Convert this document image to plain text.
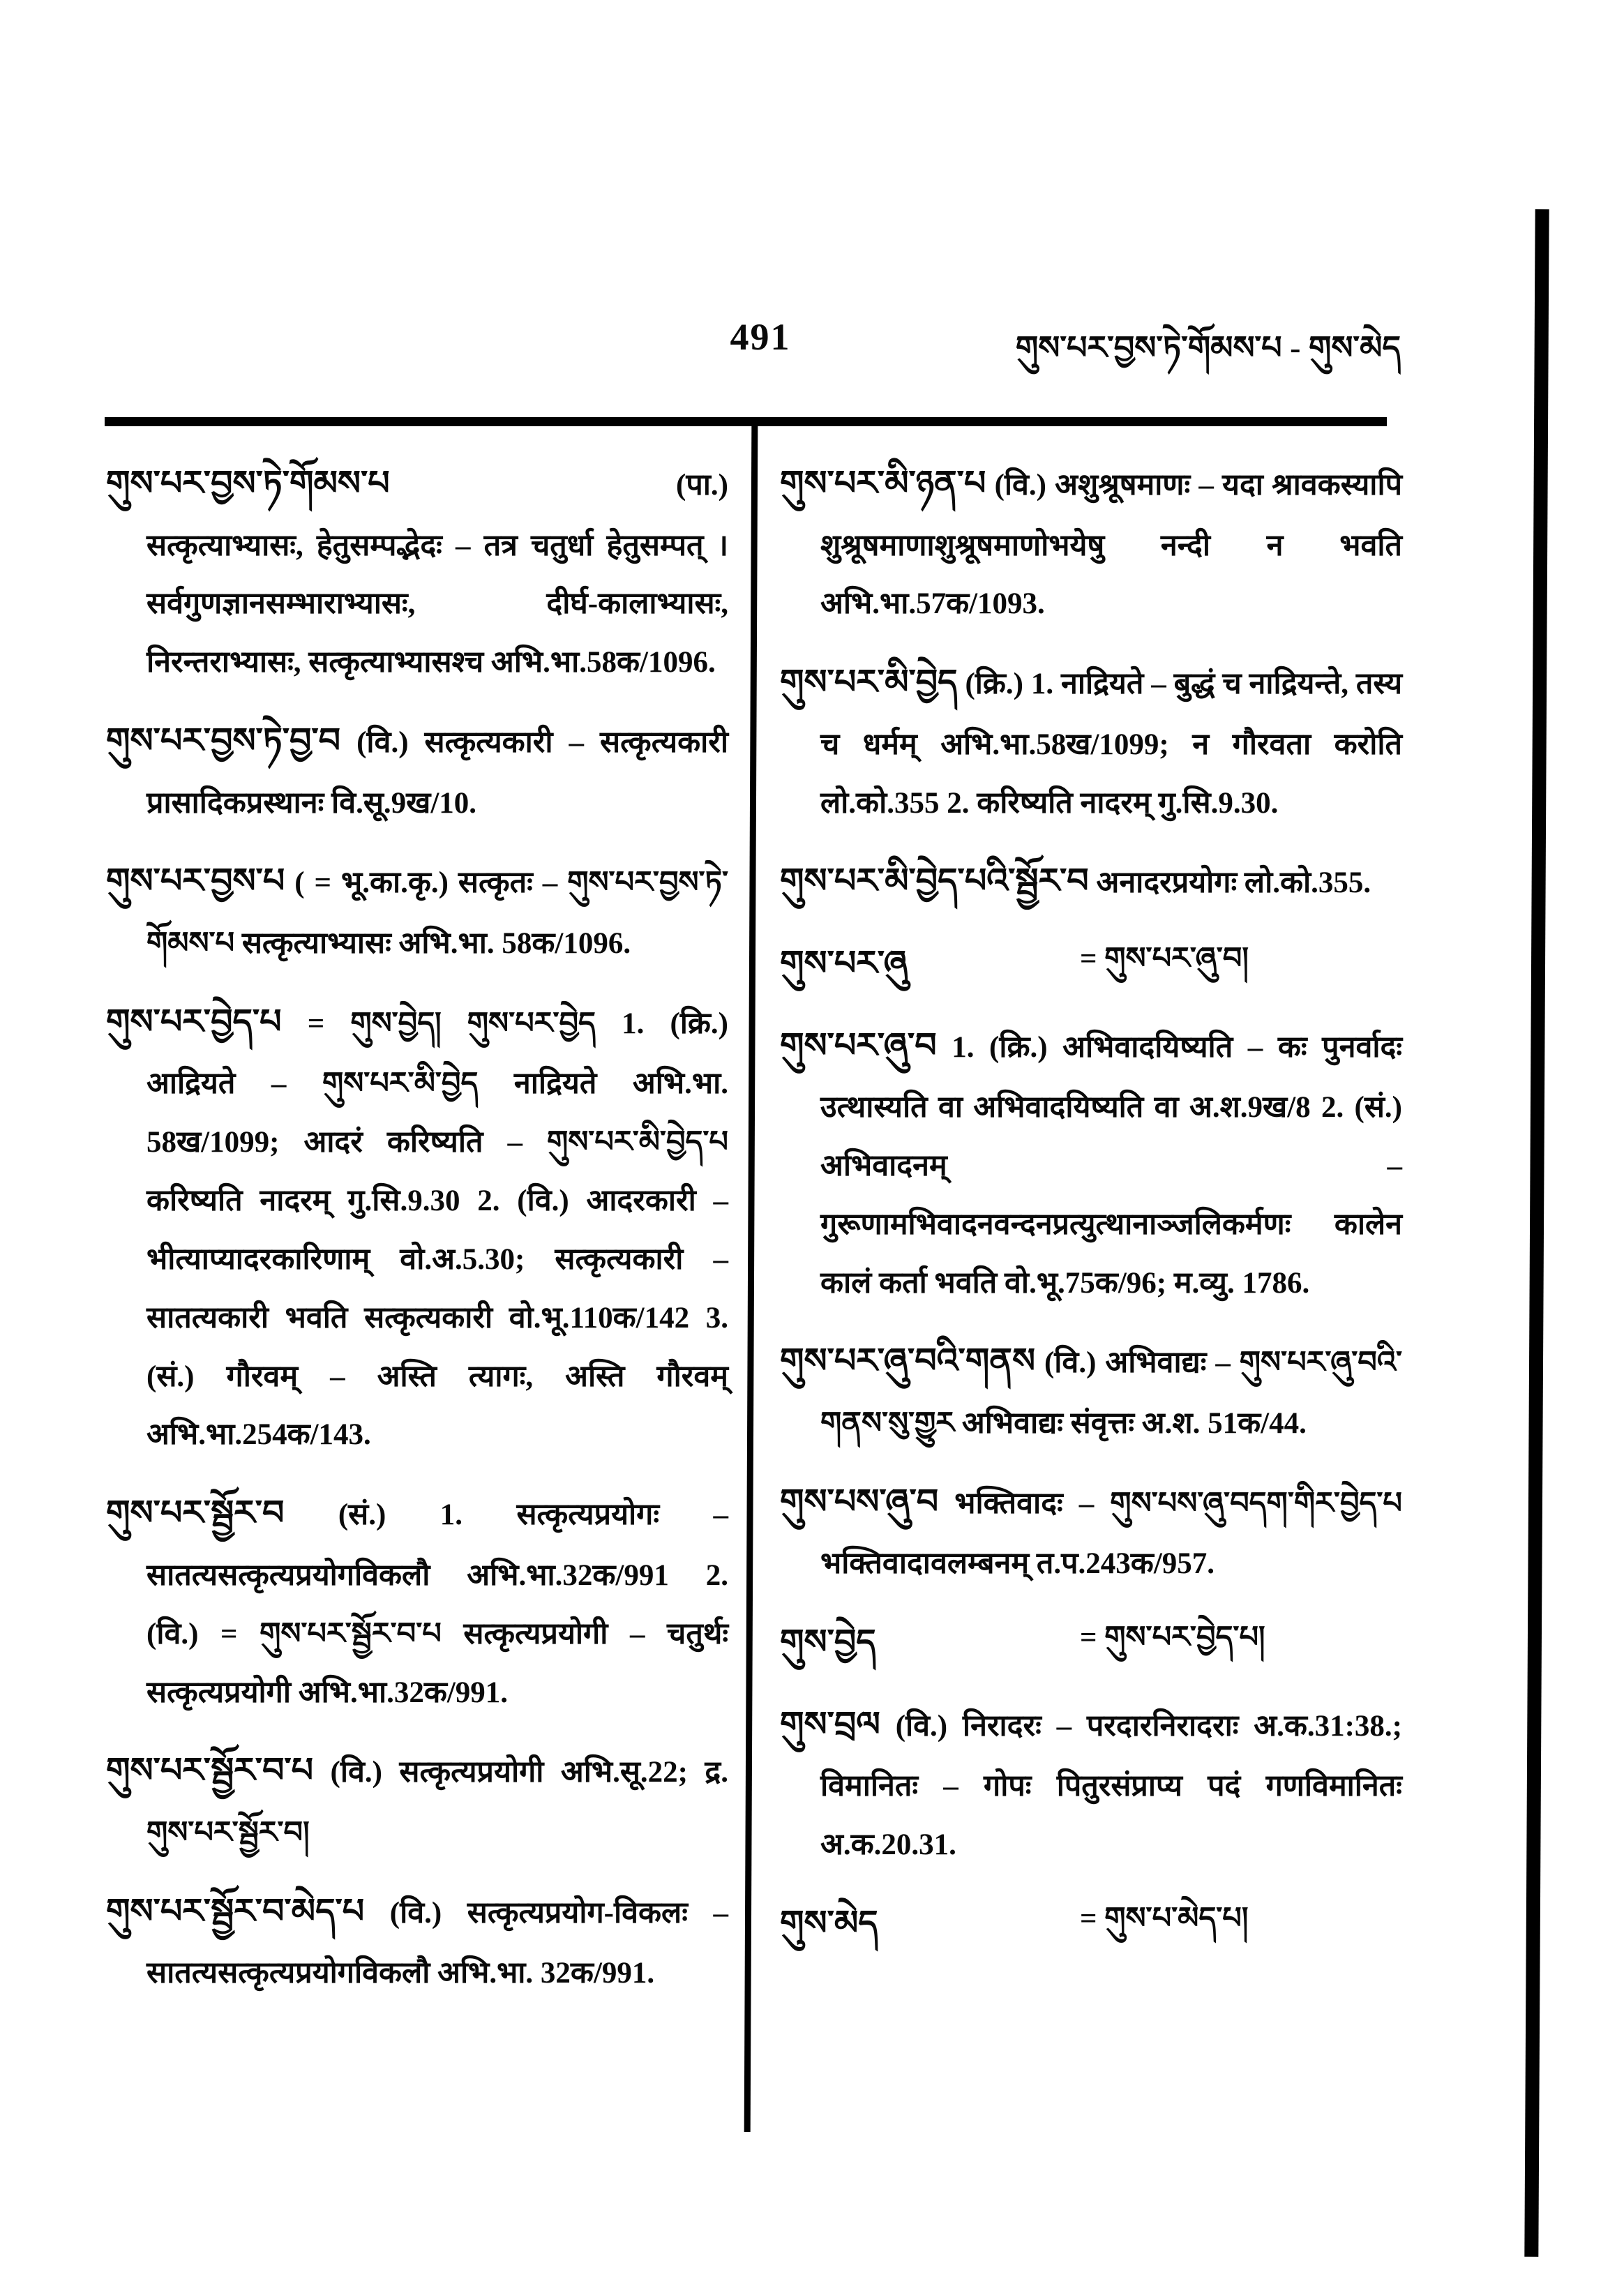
491	གུས་པར་བྱས་ཏེ་གོམས་པ - གུས་མེད
གུས་པར་བྱས་ཏེ་གོམས་པ	(पा.)
सत्कृत्याभ्यासः, हेतुसम्पद्भेदः – तत्र चतुर्धा हेतुसम्पत् । सर्वगुणज्ञानसम्भाराभ्यासः, दीर्घ-कालाभ्यासः, निरन्तराभ्यासः, सत्कृत्याभ्यासश्च अभि.भा.58क/1096.
གུས་པར་བྱས་ཏེ་བྱ་བ (वि.) सत्कृत्यकारी – सत्कृत्यकारी प्रासादिकप्रस्थानः वि.सू.9ख/10.
གུས་པར་བྱས་པ ( = भू.का.कृ.) सत्कृतः – གུས་པར་བྱས་ཏེ་གོམས་པ सत्कृत्याभ्यासः अभि.भा. 58क/1096.
གུས་པར་བྱེད་པ = གུས་བྱེད། གུས་པར་བྱེད 1. (क्रि.) आद्रियते – གུས་པར་མི་བྱེད नाद्रियते अभि.भा. 58ख/1099; आदरं करिष्यति – གུས་པར་མི་བྱེད་པ करिष्यति नादरम् गु.सि.9.30 2. (वि.) आदरकारी – भीत्याप्यादरकारिणाम् वो.अ.5.30; सत्कृत्यकारी – सातत्यकारी भवति सत्कृत्यकारी वो.भू.110क/142 3. (सं.) गौरवम् – अस्ति त्यागः, अस्ति गौरवम् अभि.भा.254क/143.
གུས་པར་སྦྱོར་བ (सं.) 1. सत्कृत्यप्रयोगः – सातत्यसत्कृत्यप्रयोगविकलौ अभि.भा.32क/991 2. (वि.) = གུས་པར་སྦྱོར་བ་པ सत्कृत्यप्रयोगी – चतुर्थः सत्कृत्यप्रयोगी अभि.भा.32क/991.
གུས་པར་སྦྱོར་བ་པ (वि.) सत्कृत्यप्रयोगी अभि.सू.22; द्र. གུས་པར་སྦྱོར་བ།
གུས་པར་སྦྱོར་བ་མེད་པ (वि.) सत्कृत्यप्रयोग-विकलः – सातत्यसत्कृत्यप्रयोगविकलौ अभि.भा. 32क/991.
གུས་པར་མི་ཉན་པ (वि.) अशुश्रूषमाणः – यदा श्रावकस्यापि शुश्रूषमाणाशुश्रूषमाणोभयेषु नन्दी न भवति अभि.भा.57क/1093.
གུས་པར་མི་བྱེད (क्रि.) 1. नाद्रियते – बुद्धं च नाद्रियन्ते, तस्य च धर्मम् अभि.भा.58ख/1099; न गौरवता करोति लो.को.355 2. करिष्यति नादरम् गु.सि.9.30.
གུས་པར་མི་བྱེད་པའི་སྦྱོར་བ अनादरप्रयोगः लो.को.355.
གུས་པར་ཞུ	= གུས་པར་ཞུ་བ།
གུས་པར་ཞུ་བ 1. (क्रि.) अभिवादयिष्यति – कः पुनर्वादः उत्थास्यति वा अभिवादयिष्यति वा अ.श.9ख/8 2. (सं.) अभिवादनम् – गुरूणामभिवादनवन्दनप्रत्युत्थानाञ्जलिकर्मणः कालेन कालं कर्ता भवति वो.भू.75क/96; म.व्यु. 1786.
གུས་པར་ཞུ་བའི་གནས (वि.) अभिवाद्यः – གུས་པར་ཞུ་བའི་གནས་སུ་གྱུར अभिवाद्यः संवृत्तः अ.श. 51क/44.
གུས་པས་ཞུ་བ भक्तिवादः – གུས་པས་ཞུ་བདག་གིར་བྱེད་པ भक्तिवादावलम्बनम् त.प.243क/957.
གུས་བྱེད	= གུས་པར་བྱེད་པ།
གུས་བྲལ (वि.) निरादरः – परदारनिरादराः अ.क.31:38.; विमानितः – गोपः पितुरसंप्राप्य पदं गणविमानितः अ.क.20.31.
གུས་མེད	= གུས་པ་མེད་པ།
